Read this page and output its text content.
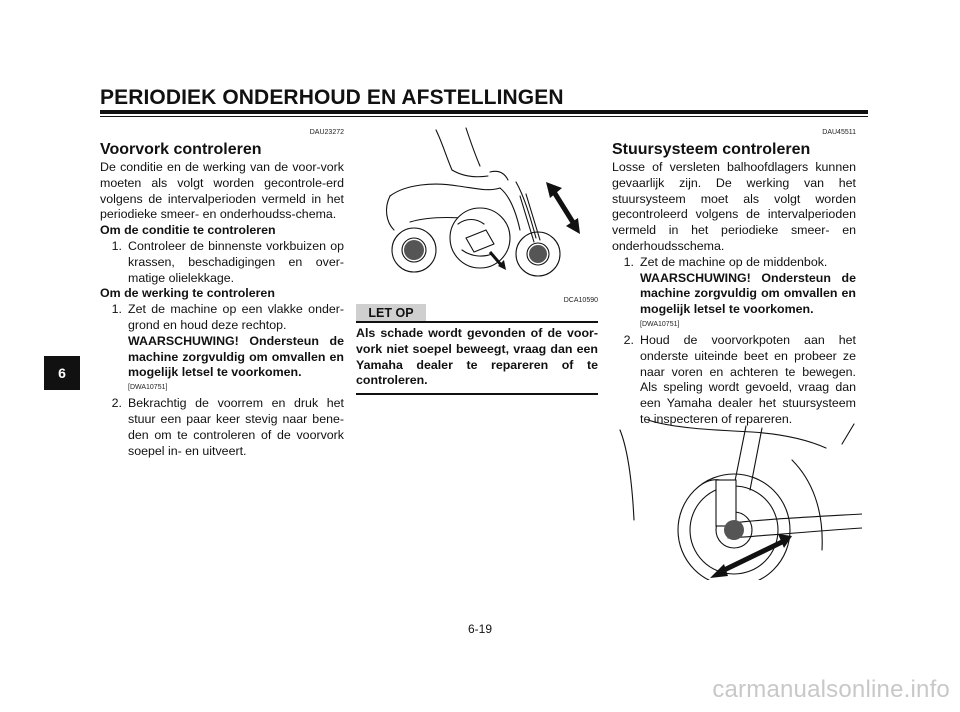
PERIODIEK ONDERHOUD EN AFSTELLINGEN
6
DAU23272
Voorvork controleren
De conditie en de werking van de voor-vork moeten als volgt worden gecontrole-erd volgens de intervalperioden vermeld in het periodieke smeer- en onderhoudss-chema.
Om de conditie te controleren
1. Controleer de binnenste vorkbuizen op krassen, beschadigingen en over-matige olielekkage.
Om de werking te controleren
1. Zet de machine op een vlakke onder-grond en houd deze rechtop.
WAARSCHUWING! Ondersteun de machine zorgvuldig om omvallen en mogelijk letsel te voorkomen.
[DWA10751]
2. Bekrachtig de voorrem en druk het stuur een paar keer stevig naar bene-den om te controleren of de voorvork soepel in- en uitveert.
DCA10590
LET OP
Als schade wordt gevonden of de voor-vork niet soepel beweegt, vraag dan een Yamaha dealer te repareren of te controleren.
DAU45511
Stuursysteem controleren
Losse of versleten balhoofdlagers kunnen gevaarlijk zijn. De werking van het stuursysteem moet als volgt worden gecontroleerd volgens de intervalperioden vermeld in het periodieke smeer- en onderhoudsschema.
1. Zet de machine op de middenbok.
WAARSCHUWING! Ondersteun de machine zorgvuldig om omvallen en mogelijk letsel te voorkomen.
[DWA10751]
2. Houd de voorvorkpoten aan het onderste uiteinde beet en probeer ze naar voren en achteren te bewegen. Als speling wordt gevoeld, vraag dan een Yamaha dealer het stuursysteem te inspecteren of repareren.
6-19
carmanualsonline.info
